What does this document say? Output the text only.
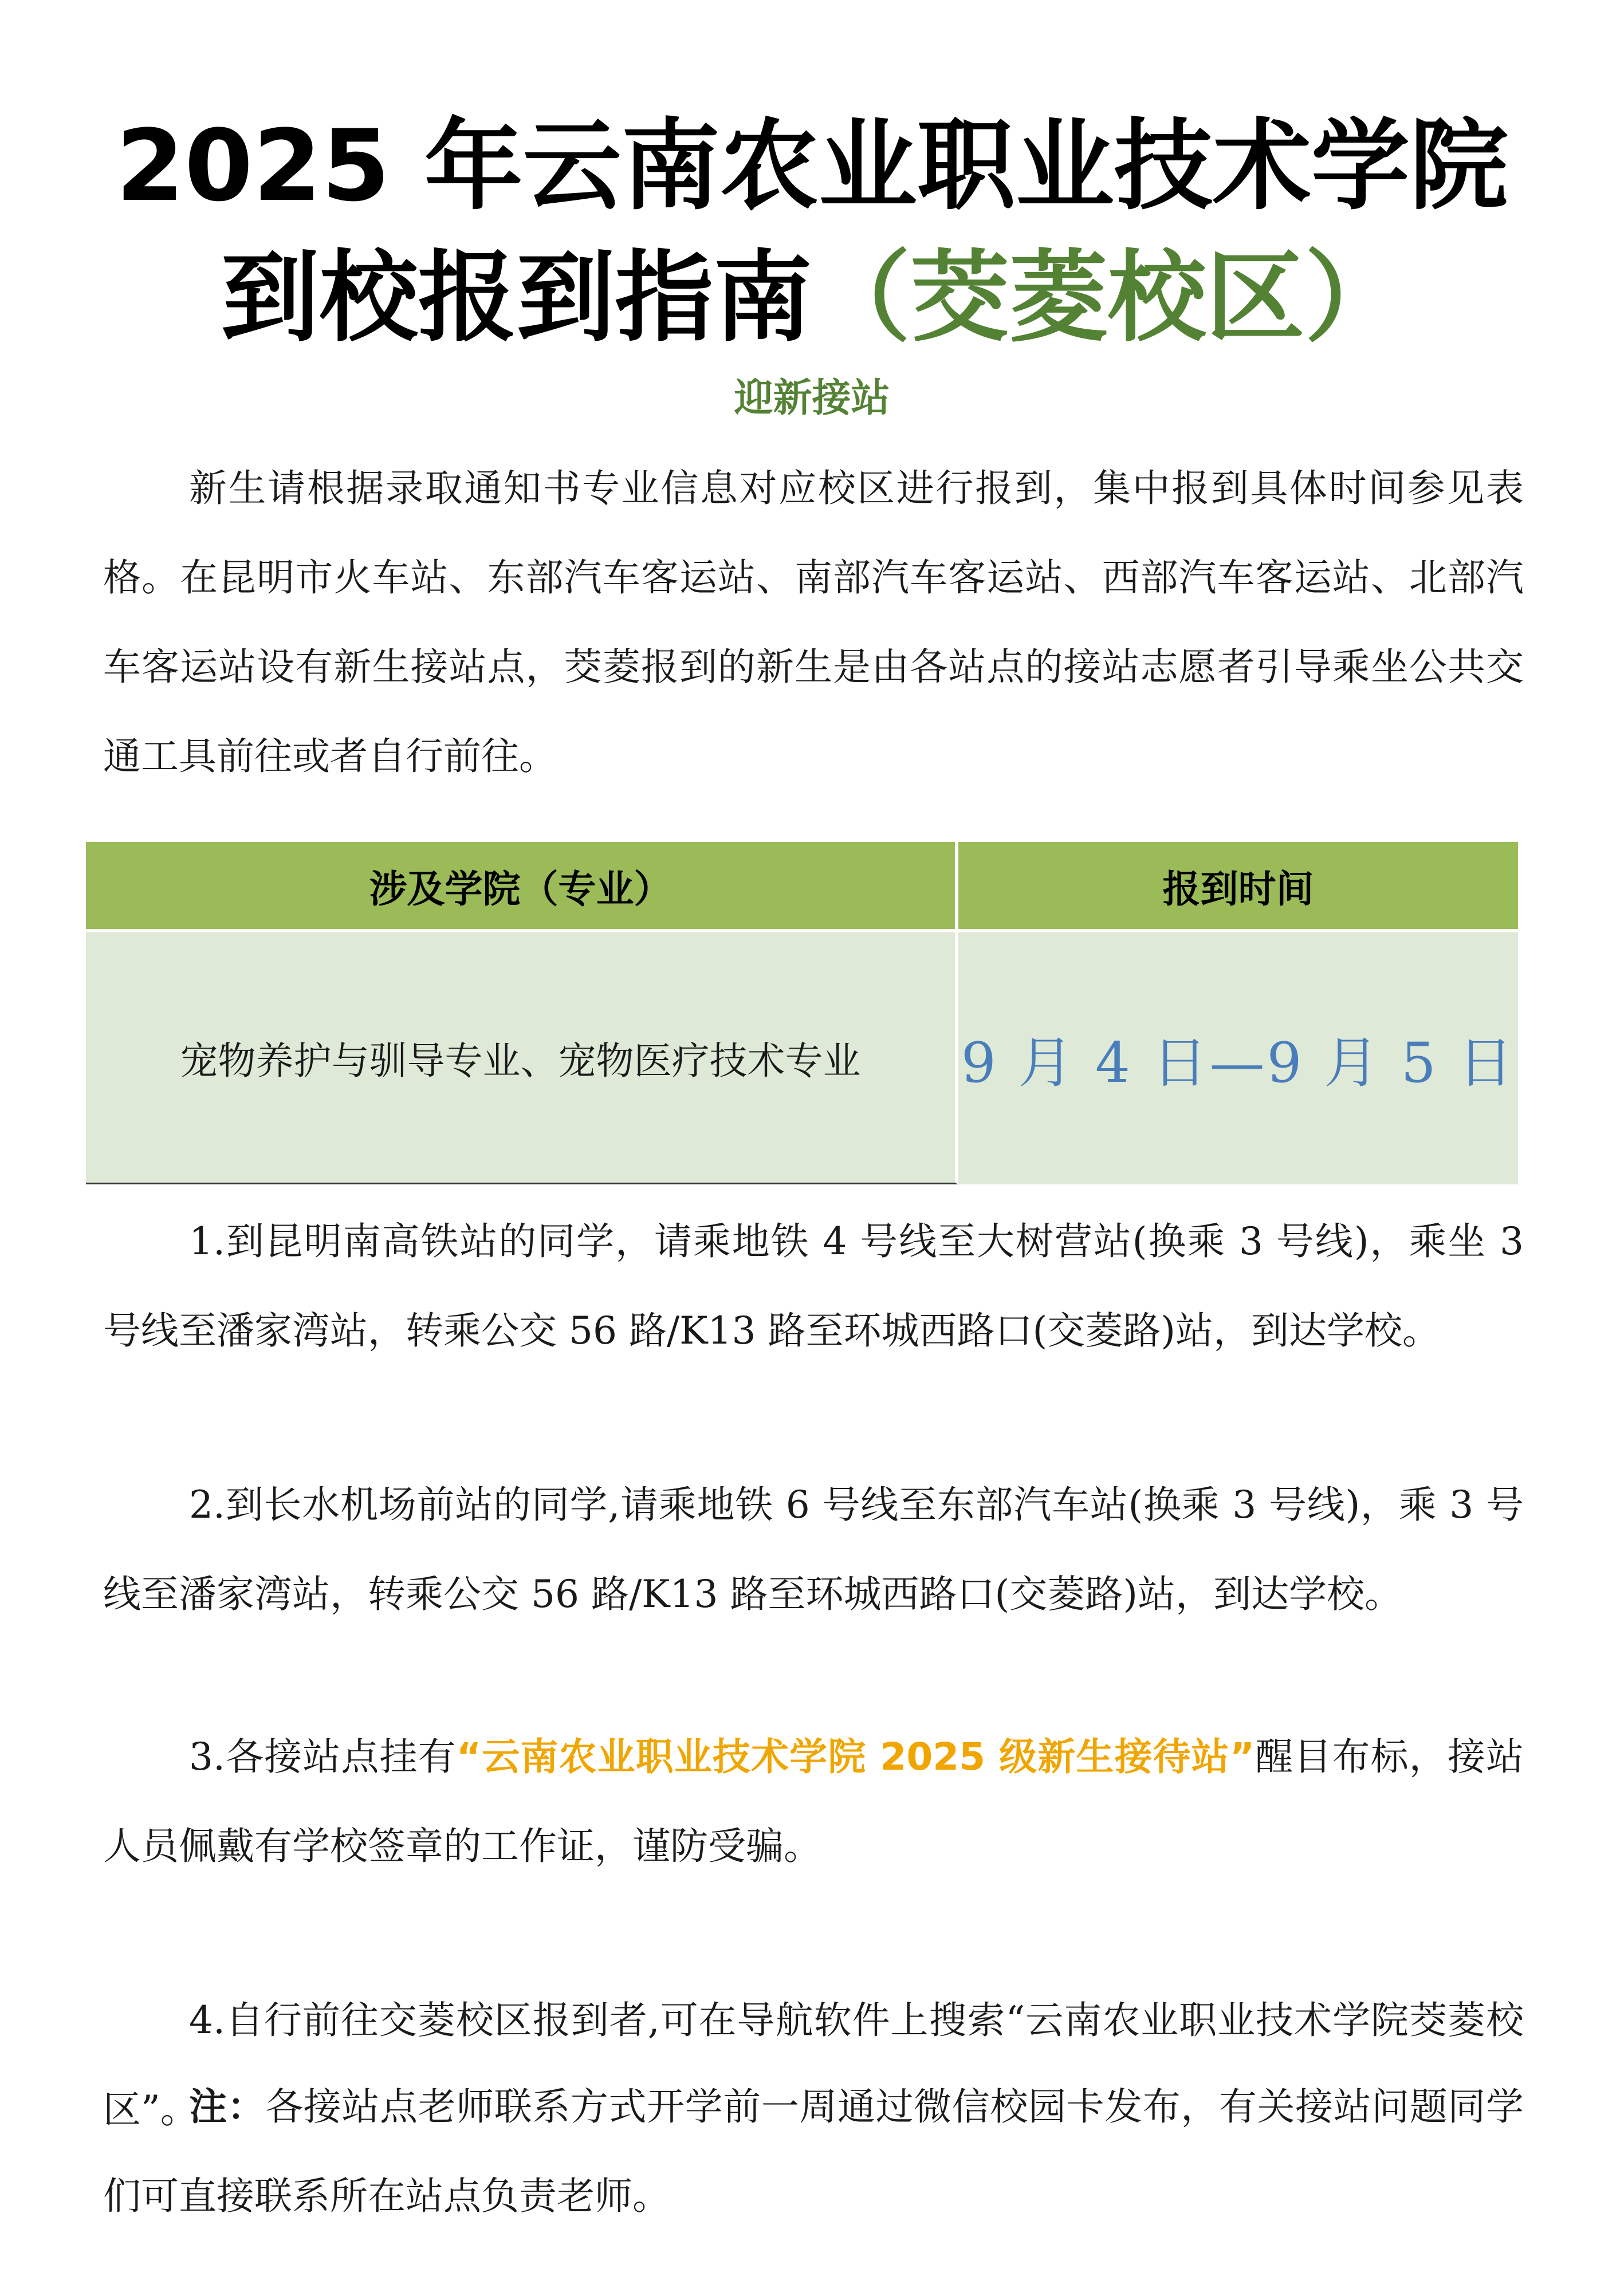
2025 年云南农业职业技术学院
到校报到指南（茭菱校区）
迎新接站

新生请根据录取通知书专业信息对应校区进行报到，集中报到具体时间参见表格。在昆明市火车站、东部汽车客运站、南部汽车客运站、西部汽车客运站、北部汽车客运站设有新生接站点，茭菱报到的新生是由各站点的接站志愿者引导乘坐公共交通工具前往或者自行前往。

涉及学院（专业）	报到时间
宠物养护与驯导专业、宠物医疗技术专业	9 月 4 日—9 月 5 日

1.到昆明南高铁站的同学，请乘地铁 4 号线至大树营站(换乘 3 号线)，乘坐 3 号线至潘家湾站，转乘公交 56 路/K13 路至环城西路口(交菱路)站，到达学校。

2.到长水机场前站的同学,请乘地铁 6 号线至东部汽车站(换乘 3 号线)，乘 3 号线至潘家湾站，转乘公交 56 路/K13 路至环城西路口(交菱路)站，到达学校。

3.各接站点挂有“云南农业职业技术学院 2025 级新生接待站”醒目布标，接站人员佩戴有学校签章的工作证，谨防受骗。

4.自行前往交菱校区报到者,可在导航软件上搜索“云南农业职业技术学院茭菱校区”。

注：各接站点老师联系方式开学前一周通过微信校园卡发布，有关接站问题同学们可直接联系所在站点负责老师。
